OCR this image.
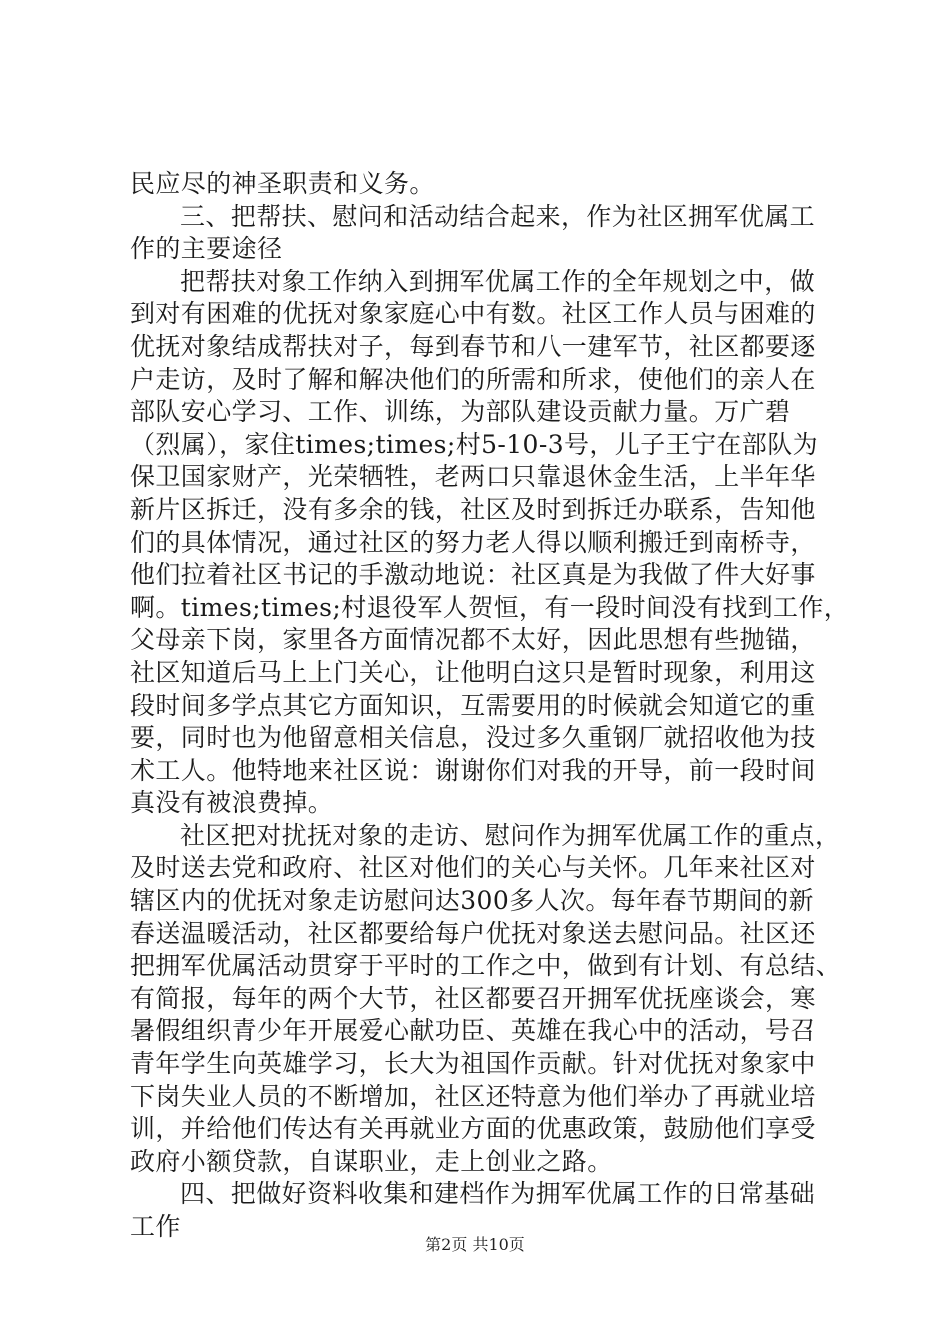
民应尽的神圣职责和义务。
三、把帮扶、慰问和活动结合起来，作为社区拥军优属工
作的主要途径
把帮扶对象工作纳入到拥军优属工作的全年规划之中，做
到对有困难的优抚对象家庭心中有数。社区工作人员与困难的
优抚对象结成帮扶对子，每到春节和八一建军节，社区都要逐
户走访，及时了解和解决他们的所需和所求，使他们的亲人在
部队安心学习、工作、训练，为部队建设贡献力量。万广碧
（烈属），家住times;times;村5-10-3号，儿子王宁在部队为
保卫国家财产，光荣牺牲，老两口只靠退休金生活，上半年华
新片区拆迁，没有多余的钱，社区及时到拆迁办联系，告知他
们的具体情况，通过社区的努力老人得以顺利搬迁到南桥寺，
他们拉着社区书记的手激动地说：社区真是为我做了件大好事
啊。times;times;村退役军人贺恒，有一段时间没有找到工作，
父母亲下岗，家里各方面情况都不太好，因此思想有些抛锚，
社区知道后马上上门关心，让他明白这只是暂时现象，利用这
段时间多学点其它方面知识，互需要用的时候就会知道它的重
要，同时也为他留意相关信息，没过多久重钢厂就招收他为技
术工人。他特地来社区说：谢谢你们对我的开导，前一段时间
真没有被浪费掉。
社区把对扰抚对象的走访、慰问作为拥军优属工作的重点，
及时送去党和政府、社区对他们的关心与关怀。几年来社区对
辖区内的优抚对象走访慰问达300多人次。每年春节期间的新
春送温暖活动，社区都要给每户优抚对象送去慰问品。社区还
把拥军优属活动贯穿于平时的工作之中，做到有计划、有总结、
有简报，每年的两个大节，社区都要召开拥军优抚座谈会，寒
暑假组织青少年开展爱心献功臣、英雄在我心中的活动，号召
青年学生向英雄学习，长大为祖国作贡献。针对优抚对象家中
下岗失业人员的不断增加，社区还特意为他们举办了再就业培
训，并给他们传达有关再就业方面的优惠政策，鼓励他们享受
政府小额贷款，自谋职业，走上创业之路。
四、把做好资料收集和建档作为拥军优属工作的日常基础
工作
第2页 共10页
